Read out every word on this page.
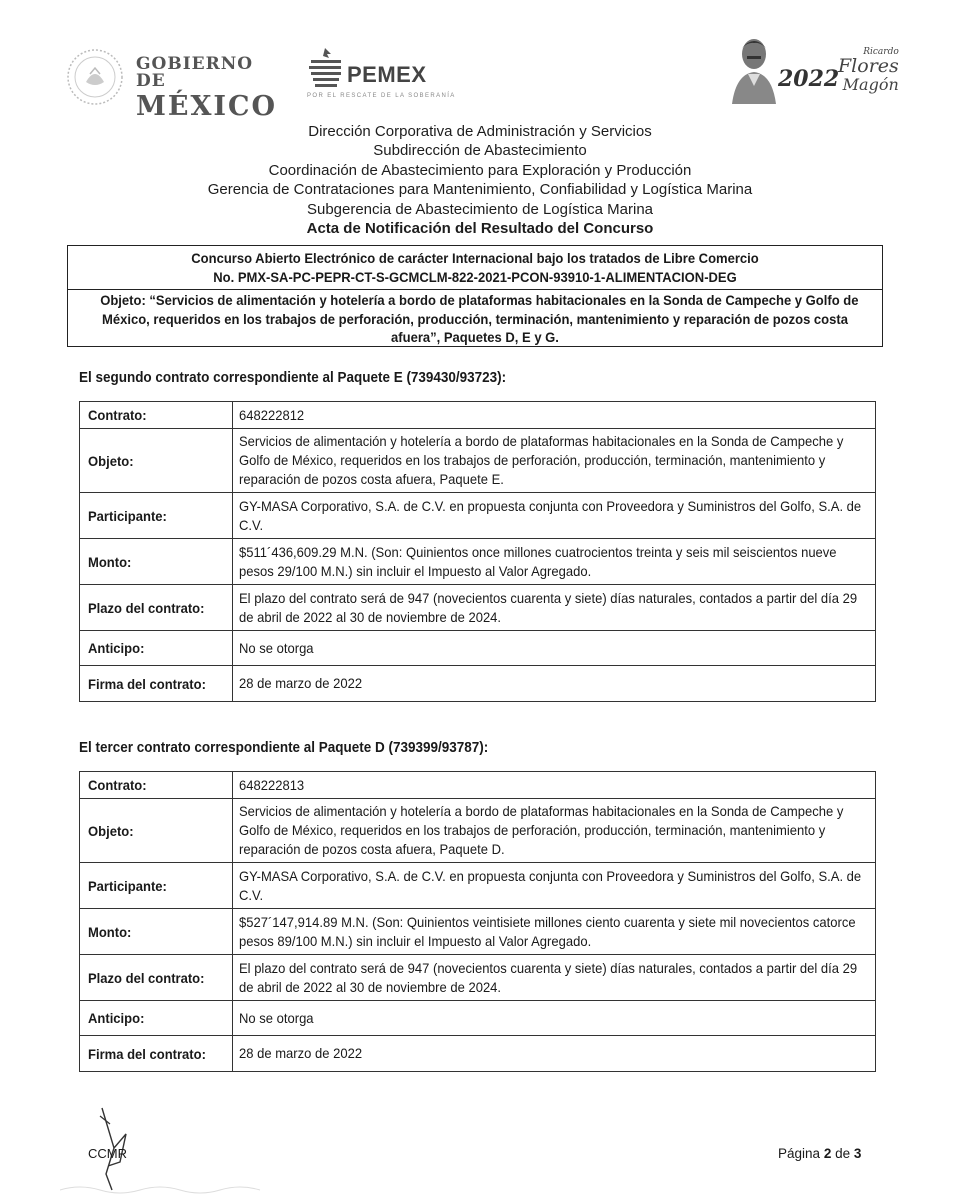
GOBIERNO DE
MÉXICO
PEMEX
POR EL RESCATE DE LA SOBERANÍA
2022
Ricardo
Flores
Magón
Dirección Corporativa de Administración y Servicios
Subdirección de Abastecimiento
Coordinación de Abastecimiento para Exploración y Producción
Gerencia de Contrataciones para Mantenimiento, Confiabilidad y Logística Marina
Subgerencia de Abastecimiento de Logística Marina
Acta de Notificación del Resultado del Concurso
Concurso Abierto Electrónico de carácter Internacional bajo los tratados de Libre Comercio
No. PMX-SA-PC-PEPR-CT-S-GCMCLM-822-2021-PCON-93910-1-ALIMENTACION-DEG
Objeto: “Servicios de alimentación y hotelería a bordo de plataformas habitacionales en la Sonda de Campeche y Golfo de
México, requeridos en los trabajos de perforación, producción, terminación, mantenimiento y reparación de pozos costa
afuera”, Paquetes D, E y G.
El segundo contrato correspondiente al Paquete E (739430/93723):
Contrato:	648222812
Objeto:	Servicios de alimentación y hotelería a bordo de plataformas habitacionales en la Sonda de Campeche y Golfo de México, requeridos en los trabajos de perforación, producción, terminación, mantenimiento y reparación de pozos costa afuera, Paquete E.
Participante:	GY-MASA Corporativo, S.A. de C.V. en propuesta conjunta con Proveedora y Suministros del Golfo, S.A. de C.V.
Monto:	$511´436,609.29 M.N. (Son: Quinientos once millones cuatrocientos treinta y seis mil seiscientos nueve pesos 29/100 M.N.) sin incluir el Impuesto al Valor Agregado.
Plazo del contrato:	El plazo del contrato será de 947 (novecientos cuarenta y siete) días naturales, contados a partir del día 29 de abril de 2022 al 30 de noviembre de 2024.
Anticipo:	No se otorga
Firma del contrato:	28 de marzo de 2022
El tercer contrato correspondiente al Paquete D (739399/93787):
Contrato:	648222813
Objeto:	Servicios de alimentación y hotelería a bordo de plataformas habitacionales en la Sonda de Campeche y Golfo de México, requeridos en los trabajos de perforación, producción, terminación, mantenimiento y reparación de pozos costa afuera, Paquete D.
Participante:	GY-MASA Corporativo, S.A. de C.V. en propuesta conjunta con Proveedora y Suministros del Golfo, S.A. de C.V.
Monto:	$527´147,914.89 M.N. (Son: Quinientos veintisiete millones ciento cuarenta y siete mil novecientos catorce pesos 89/100 M.N.) sin incluir el Impuesto al Valor Agregado.
Plazo del contrato:	El plazo del contrato será de 947 (novecientos cuarenta y siete) días naturales, contados a partir del día 29 de abril de 2022 al 30 de noviembre de 2024.
Anticipo:	No se otorga
Firma del contrato:	28 de marzo de 2022
CCMR	Página 2 de 3
